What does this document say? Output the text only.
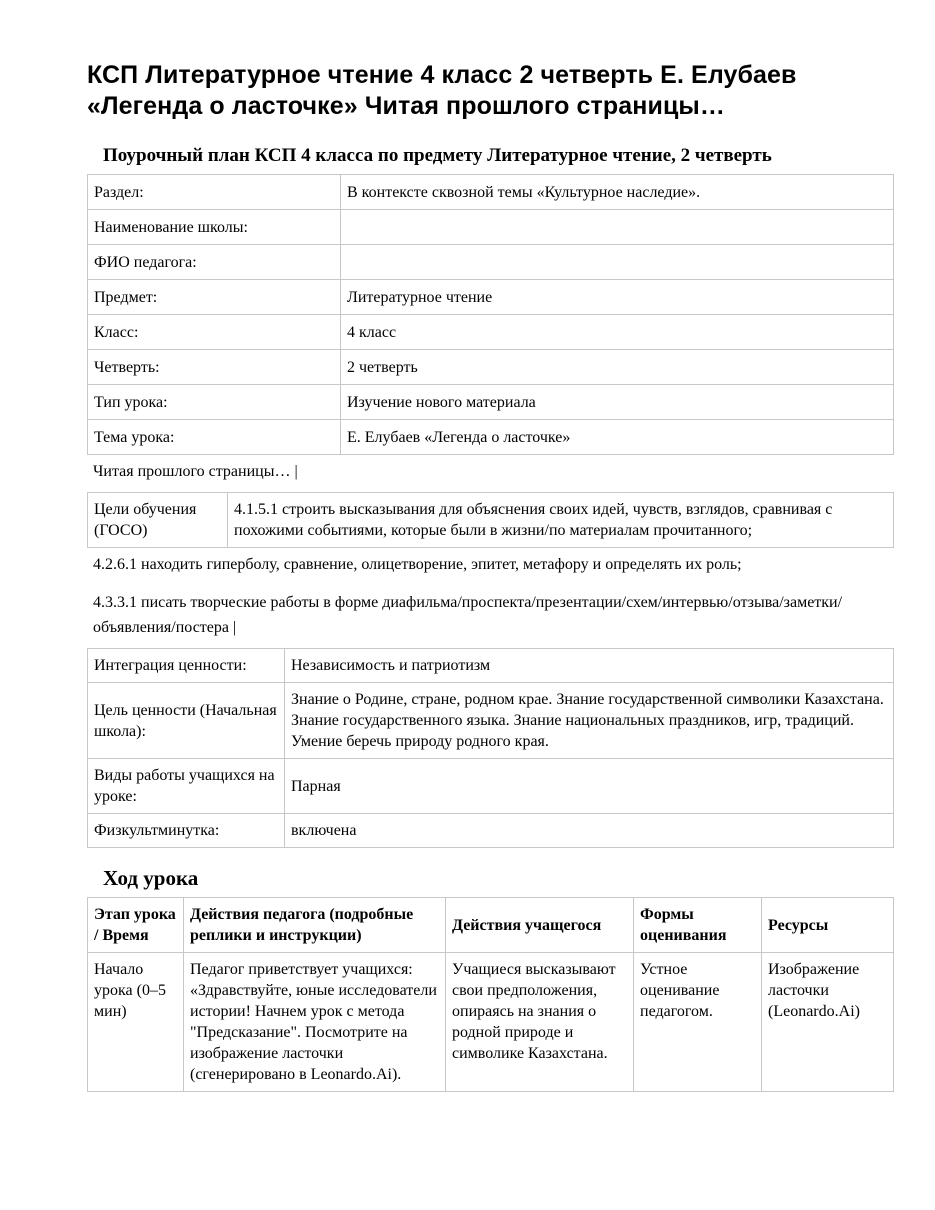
КСП Литературное чтение 4 класс 2 четверть Е. Елубаев «Легенда о ласточке» Читая прошлого страницы…
Поурочный план КСП 4 класса по предмету Литературное чтение, 2 четверть
Раздел:	В контексте сквозной темы «Культурное наследие».
Наименование школы:	
ФИО педагога:	
Предмет:	Литературное чтение
Класс:	4 класс
Четверть:	2 четверть
Тип урока:	Изучение нового материала
Тема урока:	Е. Елубаев «Легенда о ласточке»
Читая прошлого страницы… |
Цели обучения (ГОСО)	4.1.5.1 строить высказывания для объяснения своих идей, чувств, взглядов, сравнивая с похожими событиями, которые были в жизни/по материалам прочитанного;
4.2.6.1 находить гиперболу, сравнение, олицетворение, эпитет, метафору и определять их роль;
4.3.3.1 писать творческие работы в форме диафильма/проспекта/презентации/схем/интервью/отзыва/заметки/объявления/постера |
Интеграция ценности:	Независимость и патриотизм
Цель ценности (Начальная школа):	Знание о Родине, стране, родном крае. Знание государственной символики Казахстана. Знание государственного языка. Знание национальных праздников, игр, традиций. Умение беречь природу родного края.
Виды работы учащихся на уроке:	Парная
Физкультминутка:	включена
Ход урока
Этап урока / Время	Действия педагога (подробные реплики и инструкции)	Действия учащегося	Формы оценивания	Ресурсы
Начало урока (0–5 мин)	Педагог приветствует учащихся: «Здравствуйте, юные исследователи истории! Начнем урок с метода "Предсказание". Посмотрите на изображение ласточки (сгенерировано в Leonardo.Ai).	Учащиеся высказывают свои предположения, опираясь на знания о родной природе и символике Казахстана.	Устное оценивание педагогом.	Изображение ласточки (Leonardo.Ai)
